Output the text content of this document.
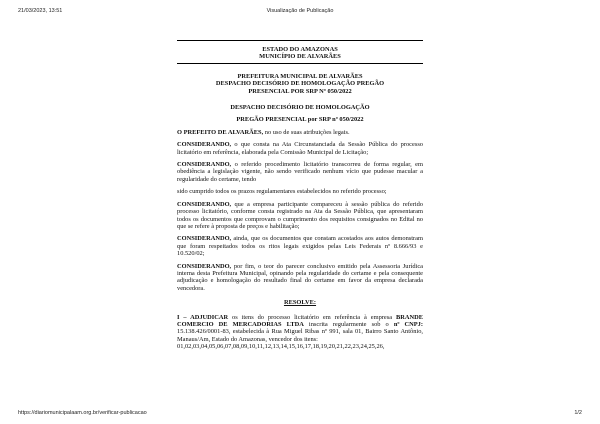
21/03/2023, 13:51	Visualização de Publicação
ESTADO DO AMAZONAS
MUNICÍPIO DE ALVARÃES
PREFEITURA MUNICIPAL DE ALVARÃES
DESPACHO DECISÓRIO DE HOMOLOGAÇÃO PREGÃO
PRESENCIAL POR SRP Nº 050/2022
DESPACHO DECISÓRIO DE HOMOLOGAÇÃO
PREGÃO PRESENCIAL por SRP nº 050/2022

O PREFEITO DE ALVARÃES, no uso de suas atribuições legais.

CONSIDERANDO, o que consta na Ata Circunstanciada da Sessão Pública do processo licitatório em referência, elaborada pela Comissão Municipal de Licitação;

CONSIDERANDO, o referido procedimento licitatório transcorreu de forma regular, em obediência a legislação vigente, não sendo verificado nenhum vício que pudesse macular a regularidade do certame, tendo

sido cumprido todos os prazos regulamentares estabelecidos no referido processo;

CONSIDERANDO, que a empresa participante compareceu à sessão pública do referido processo licitatório, conforme consta registrado na Ata da Sessão Pública, que apresentaram todos os documentos que comprovam o cumprimento dos requisitos consignados no Edital no que se refere à proposta de preços e habilitação;

CONSIDERANDO, ainda, que os documentos que constam acostados aos autos demonstram que foram respeitados todos os ritos legais exigidos pelas Leis Federais nº 8.666/93 e 10.520/02;

CONSIDERANDO, por fim, o teor do parecer conclusivo emitido pela Assessoria Jurídica interna desta Prefeitura Municipal, opinando pela regularidade do certame e pela consequente adjudicação e homologação do resultado final do certame em favor da empresa declarada vencedora.

RESOLVE:

I – ADJUDICAR os itens do processo licitatório em referência à empresa BRANDE COMERCIO DE MERCADORIAS LTDA inscrita regularmente sob o nº CNPJ: 15.138.426/0001-83, estabelecida à Rua Miguel Ribas nº 991, sala 01, Bairro Santo Antônio, Manaus/Am, Estado do Amazonas, vencedor dos itens:

01,02,03,04,05,06,07,08,09,10,11,12,13,14,15,16,17,18,19,20,21,22,23,24,25,26,
https://diariomunicipalaam.org.br/verificar-publicacao	1/2
